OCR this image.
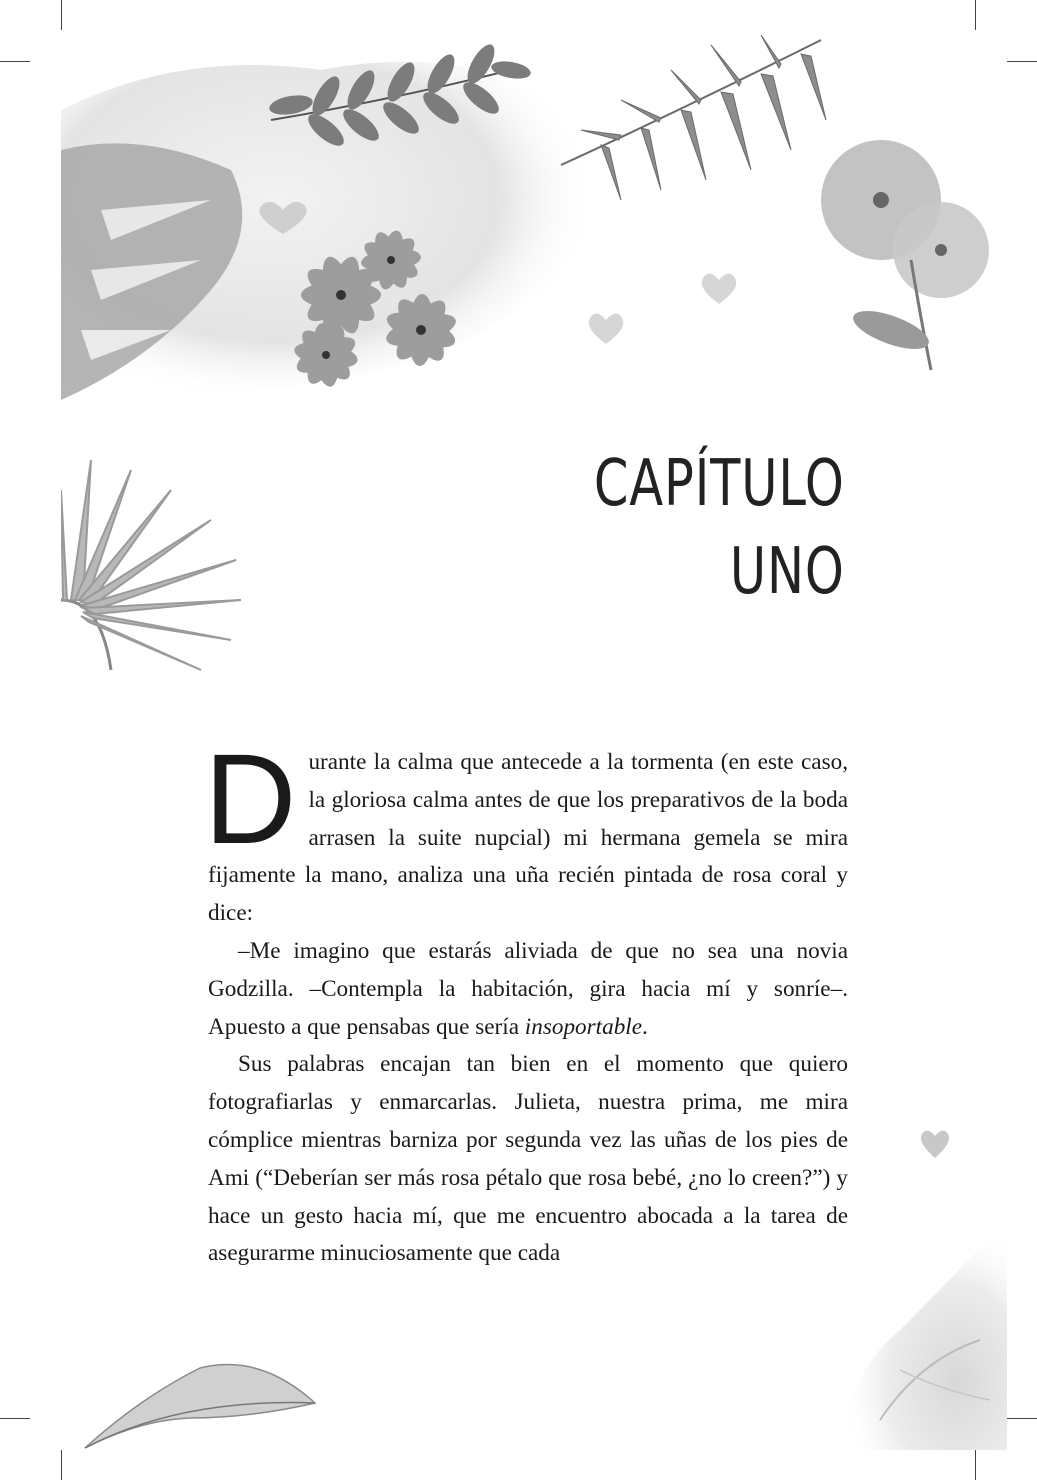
CAPÍTULO
UNO

Durante la calma que antecede a la tormenta (en este caso, la gloriosa calma antes de que los preparativos de la boda arrasen la suite nupcial) mi hermana gemela se mira fijamente la mano, analiza una uña recién pintada de rosa coral y dice:

–Me imagino que estarás aliviada de que no sea una novia Godzilla. –Contempla la habitación, gira hacia mí y sonríe–. Apuesto a que pensabas que sería insoportable.

Sus palabras encajan tan bien en el momento que quiero fotografiarlas y enmarcarlas. Julieta, nuestra prima, me mira cómplice mientras barniza por segunda vez las uñas de los pies de Ami (“Deberían ser más rosa pétalo que rosa bebé, ¿no lo creen?”) y hace un gesto hacia mí, que me encuentro abocada a la tarea de asegurarme minuciosamente que cada
